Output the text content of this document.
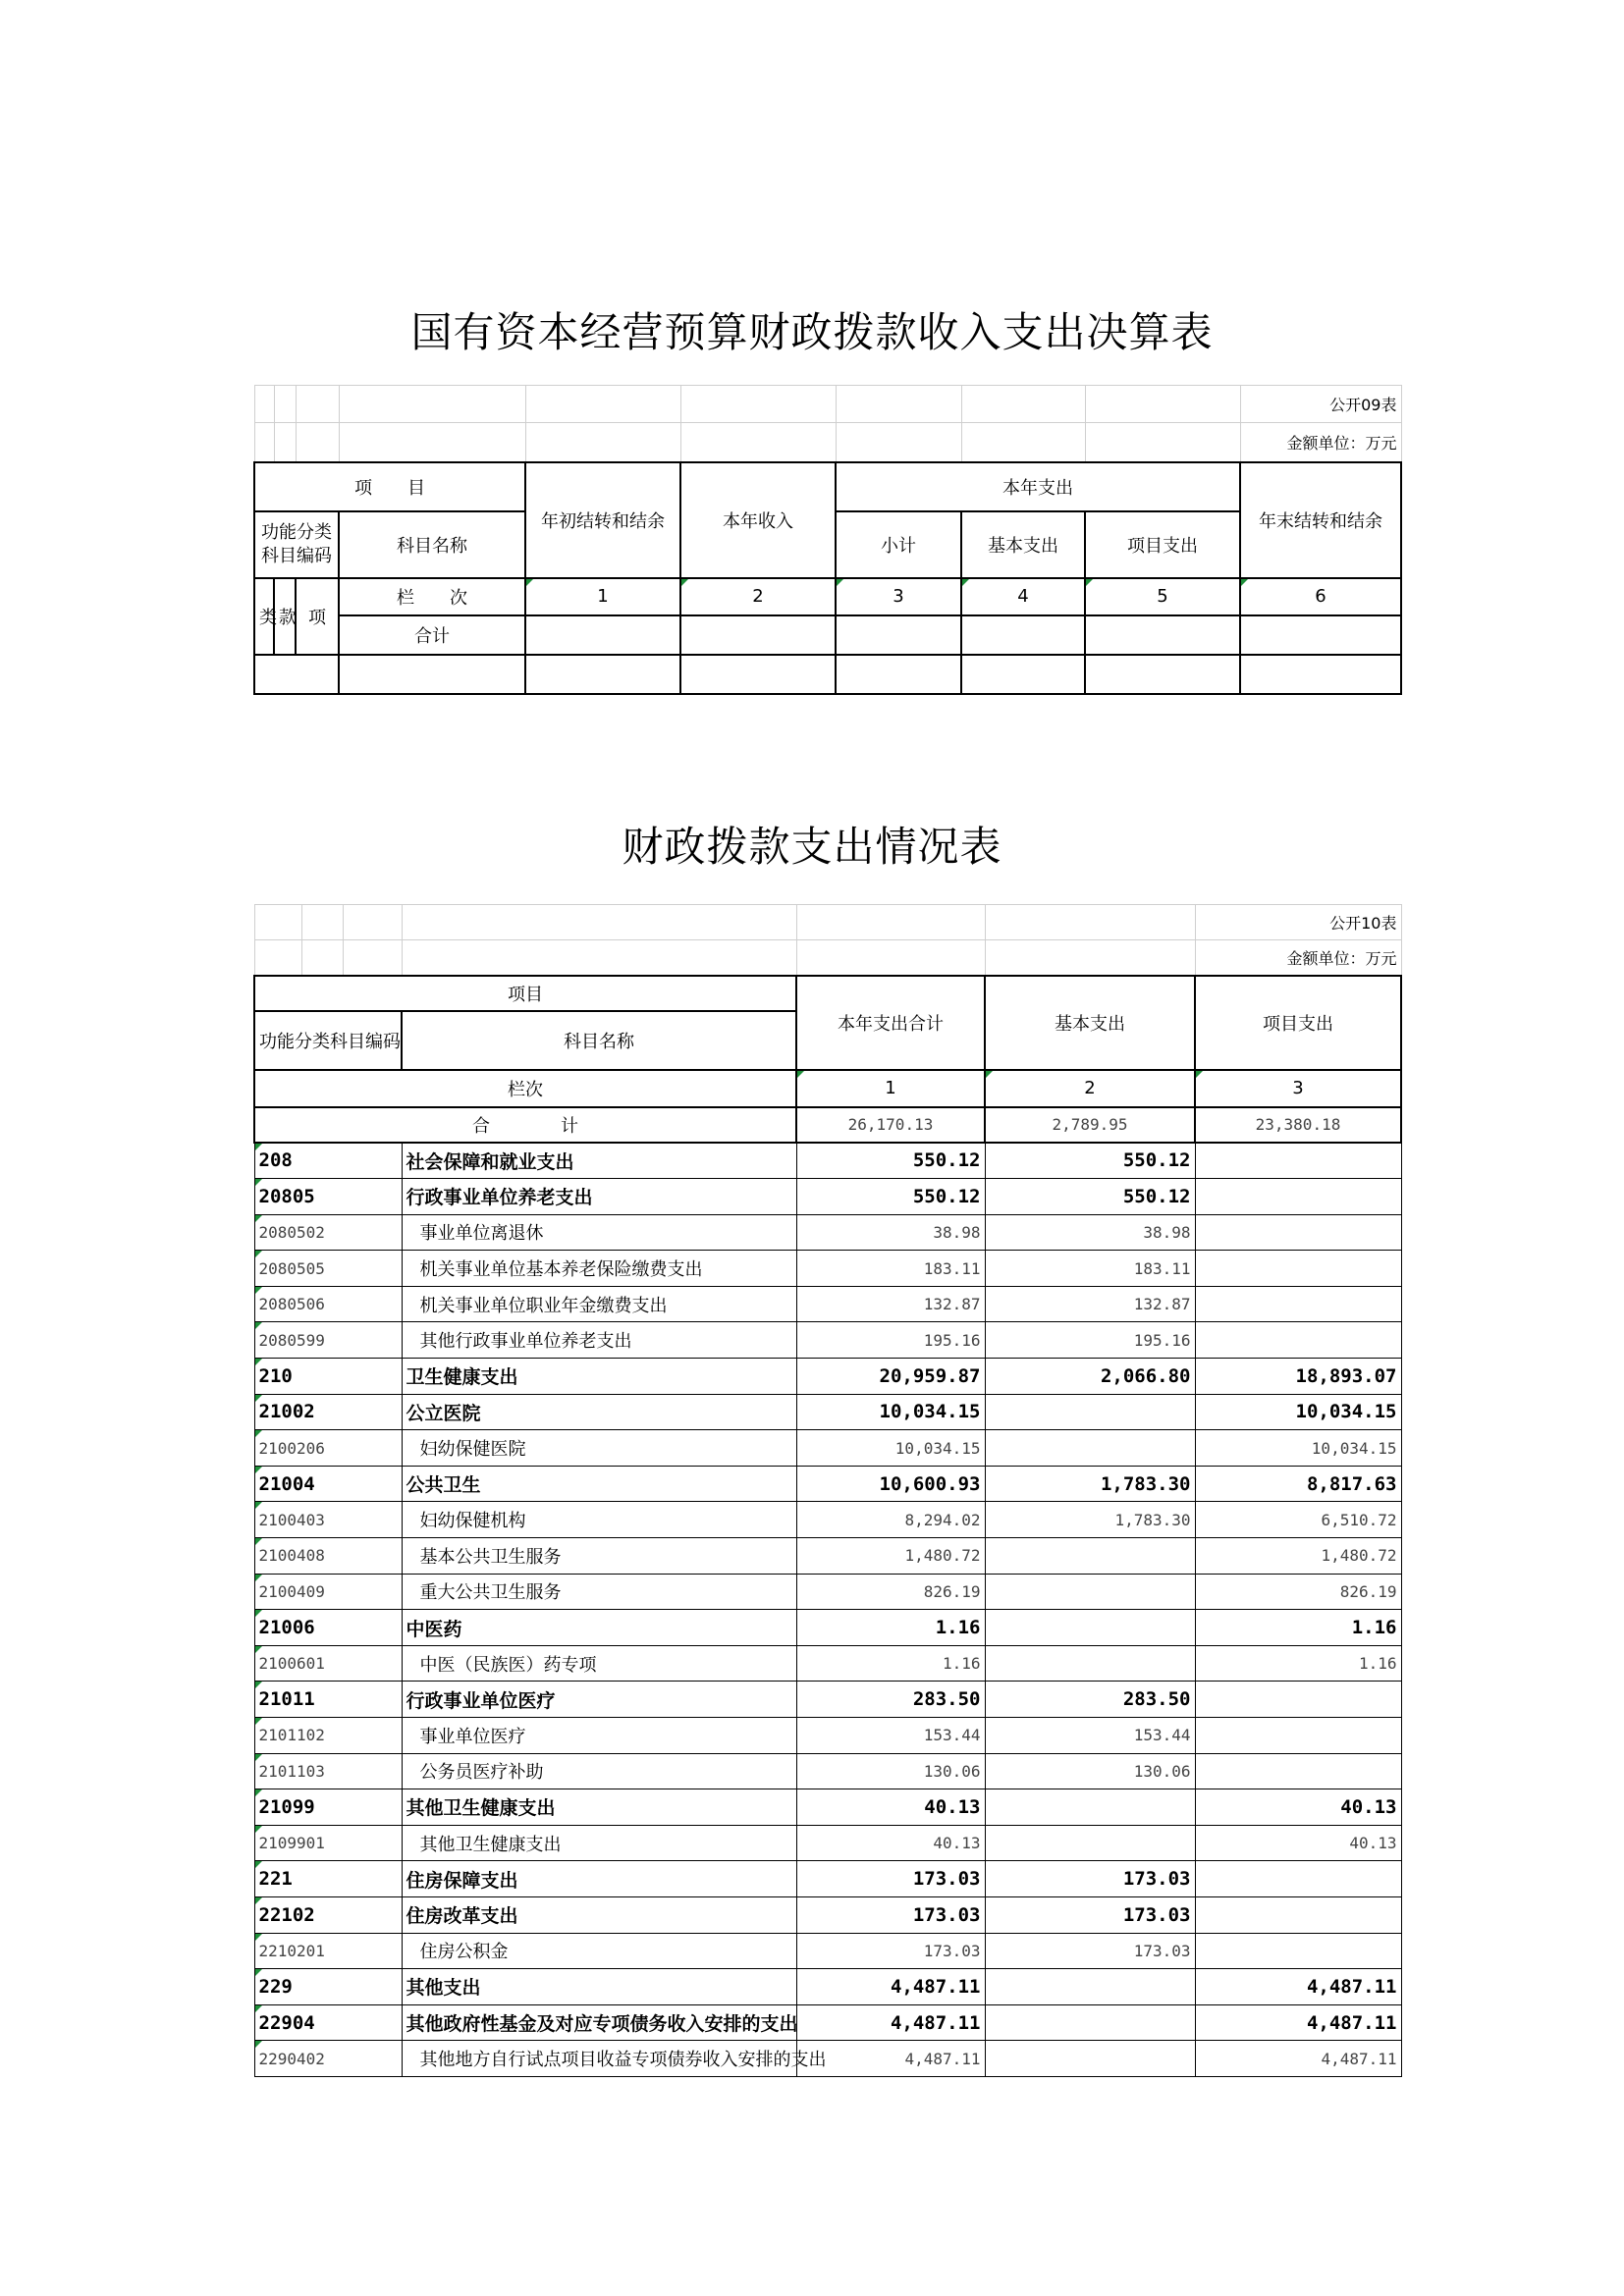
国有资本经营预算财政拨款收入支出决算表
									公开09表
									金额单位：万元
项　　目				年初结转和结余	本年收入	本年支出			年末结转和结余
功能分类科目编码			科目名称			小计	基本支出	项目支出	
类	款	项	栏　　次	1	2	3	4	5	6
			合计						

财政拨款支出情况表
						公开10表
						金额单位：万元
项目				本年支出合计	基本支出	项目支出
功能分类科目编码			科目名称			
栏次				1	2	3
合　　　　计				26,170.13	2,789.95	23,380.18
208			社会保障和就业支出	550.12	550.12	
20805			行政事业单位养老支出	550.12	550.12	
2080502			事业单位离退休	38.98	38.98	
2080505			机关事业单位基本养老保险缴费支出	183.11	183.11	
2080506			机关事业单位职业年金缴费支出	132.87	132.87	
2080599			其他行政事业单位养老支出	195.16	195.16	
210			卫生健康支出	20,959.87	2,066.80	18,893.07
21002			公立医院	10,034.15		10,034.15
2100206			妇幼保健医院	10,034.15		10,034.15
21004			公共卫生	10,600.93	1,783.30	8,817.63
2100403			妇幼保健机构	8,294.02	1,783.30	6,510.72
2100408			基本公共卫生服务	1,480.72		1,480.72
2100409			重大公共卫生服务	826.19		826.19
21006			中医药	1.16		1.16
2100601			中医（民族医）药专项	1.16		1.16
21011			行政事业单位医疗	283.50	283.50	
2101102			事业单位医疗	153.44	153.44	
2101103			公务员医疗补助	130.06	130.06	
21099			其他卫生健康支出	40.13		40.13
2109901			其他卫生健康支出	40.13		40.13
221			住房保障支出	173.03	173.03	
22102			住房改革支出	173.03	173.03	
2210201			住房公积金	173.03	173.03	
229			其他支出	4,487.11		4,487.11
22904			其他政府性基金及对应专项债务收入安排的支出	4,487.11		4,487.11
2290402			其他地方自行试点项目收益专项债券收入安排的支出	4,487.11		4,487.11
